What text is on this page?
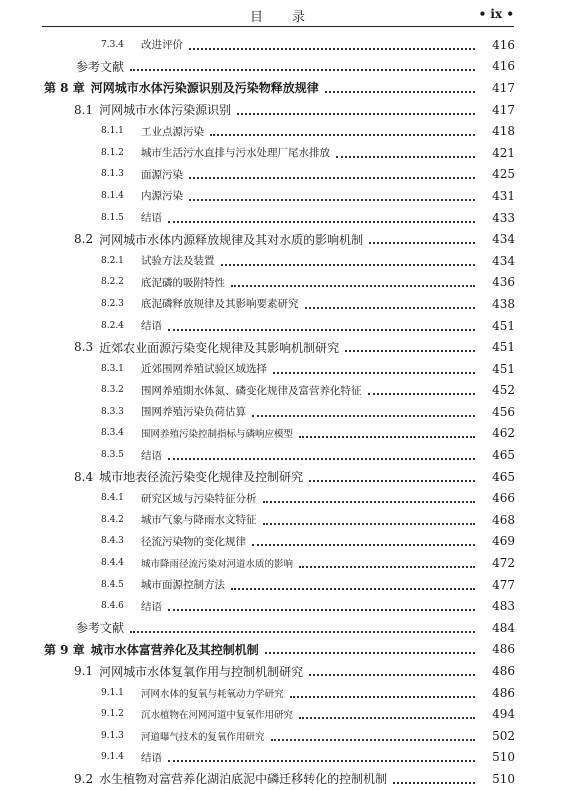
目　　录	• ix •
7.3.4	改进评价	416
参考文献	416
第 8 章 河网城市水体污染源识别及污染物释放规律	417
8.1 河网城市水体污染源识别	417
8.1.1	工业点源污染	418
8.1.2	城市生活污水直排与污水处理厂尾水排放	421
8.1.3	面源污染	425
8.1.4	内源污染	431
8.1.5	结语	433
8.2 河网城市水体内源释放规律及其对水质的影响机制	434
8.2.1	试验方法及装置	434
8.2.2	底泥磷的吸附特性	436
8.2.3	底泥磷释放规律及其影响要素研究	438
8.2.4	结语	451
8.3 近郊农业面源污染变化规律及其影响机制研究	451
8.3.1	近郊围网养殖试验区域选择	451
8.3.2	围网养殖期水体氮、磷变化规律及富营养化特征	452
8.3.3	围网养殖污染负荷估算	456
8.3.4	围网养殖污染控制指标与磷响应模型	462
8.3.5	结语	465
8.4 城市地表径流污染变化规律及控制研究	465
8.4.1	研究区域与污染特征分析	466
8.4.2	城市气象与降雨水文特征	468
8.4.3	径流污染物的变化规律	469
8.4.4	城市降雨径流污染对河道水质的影响	472
8.4.5	城市面源控制方法	477
8.4.6	结语	483
参考文献	484
第 9 章 城市水体富营养化及其控制机制	486
9.1 河网城市水体复氧作用与控制机制研究	486
9.1.1	河网水体的复氧与耗氧动力学研究	486
9.1.2	沉水植物在河网河道中复氧作用研究	494
9.1.3	河道曝气技术的复氧作用研究	502
9.1.4	结语	510
9.2 水生植物对富营养化湖泊底泥中磷迁移转化的控制机制	510
